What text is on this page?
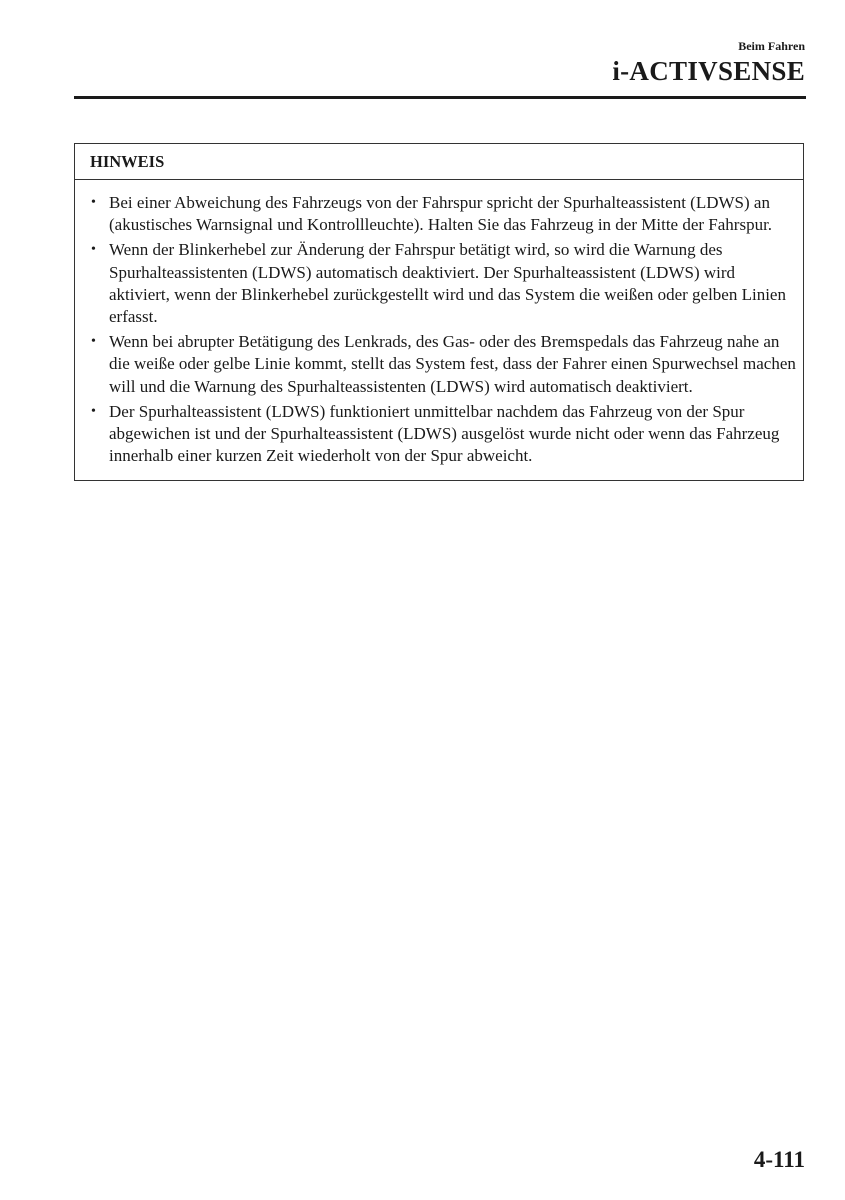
Beim Fahren
i-ACTIVSENSE
HINWEIS
• Bei einer Abweichung des Fahrzeugs von der Fahrspur spricht der Spurhalteassistent (LDWS) an (akustisches Warnsignal und Kontrollleuchte). Halten Sie das Fahrzeug in der Mitte der Fahrspur.
• Wenn der Blinkerhebel zur Änderung der Fahrspur betätigt wird, so wird die Warnung des Spurhalteassistenten (LDWS) automatisch deaktiviert. Der Spurhalteassistent (LDWS) wird aktiviert, wenn der Blinkerhebel zurückgestellt wird und das System die weißen oder gelben Linien erfasst.
• Wenn bei abrupter Betätigung des Lenkrads, des Gas- oder des Bremspedals das Fahrzeug nahe an die weiße oder gelbe Linie kommt, stellt das System fest, dass der Fahrer einen Spurwechsel machen will und die Warnung des Spurhalteassistenten (LDWS) wird automatisch deaktiviert.
• Der Spurhalteassistent (LDWS) funktioniert unmittelbar nachdem das Fahrzeug von der Spur abgewichen ist und der Spurhalteassistent (LDWS) ausgelöst wurde nicht oder wenn das Fahrzeug innerhalb einer kurzen Zeit wiederholt von der Spur abweicht.
4-111
